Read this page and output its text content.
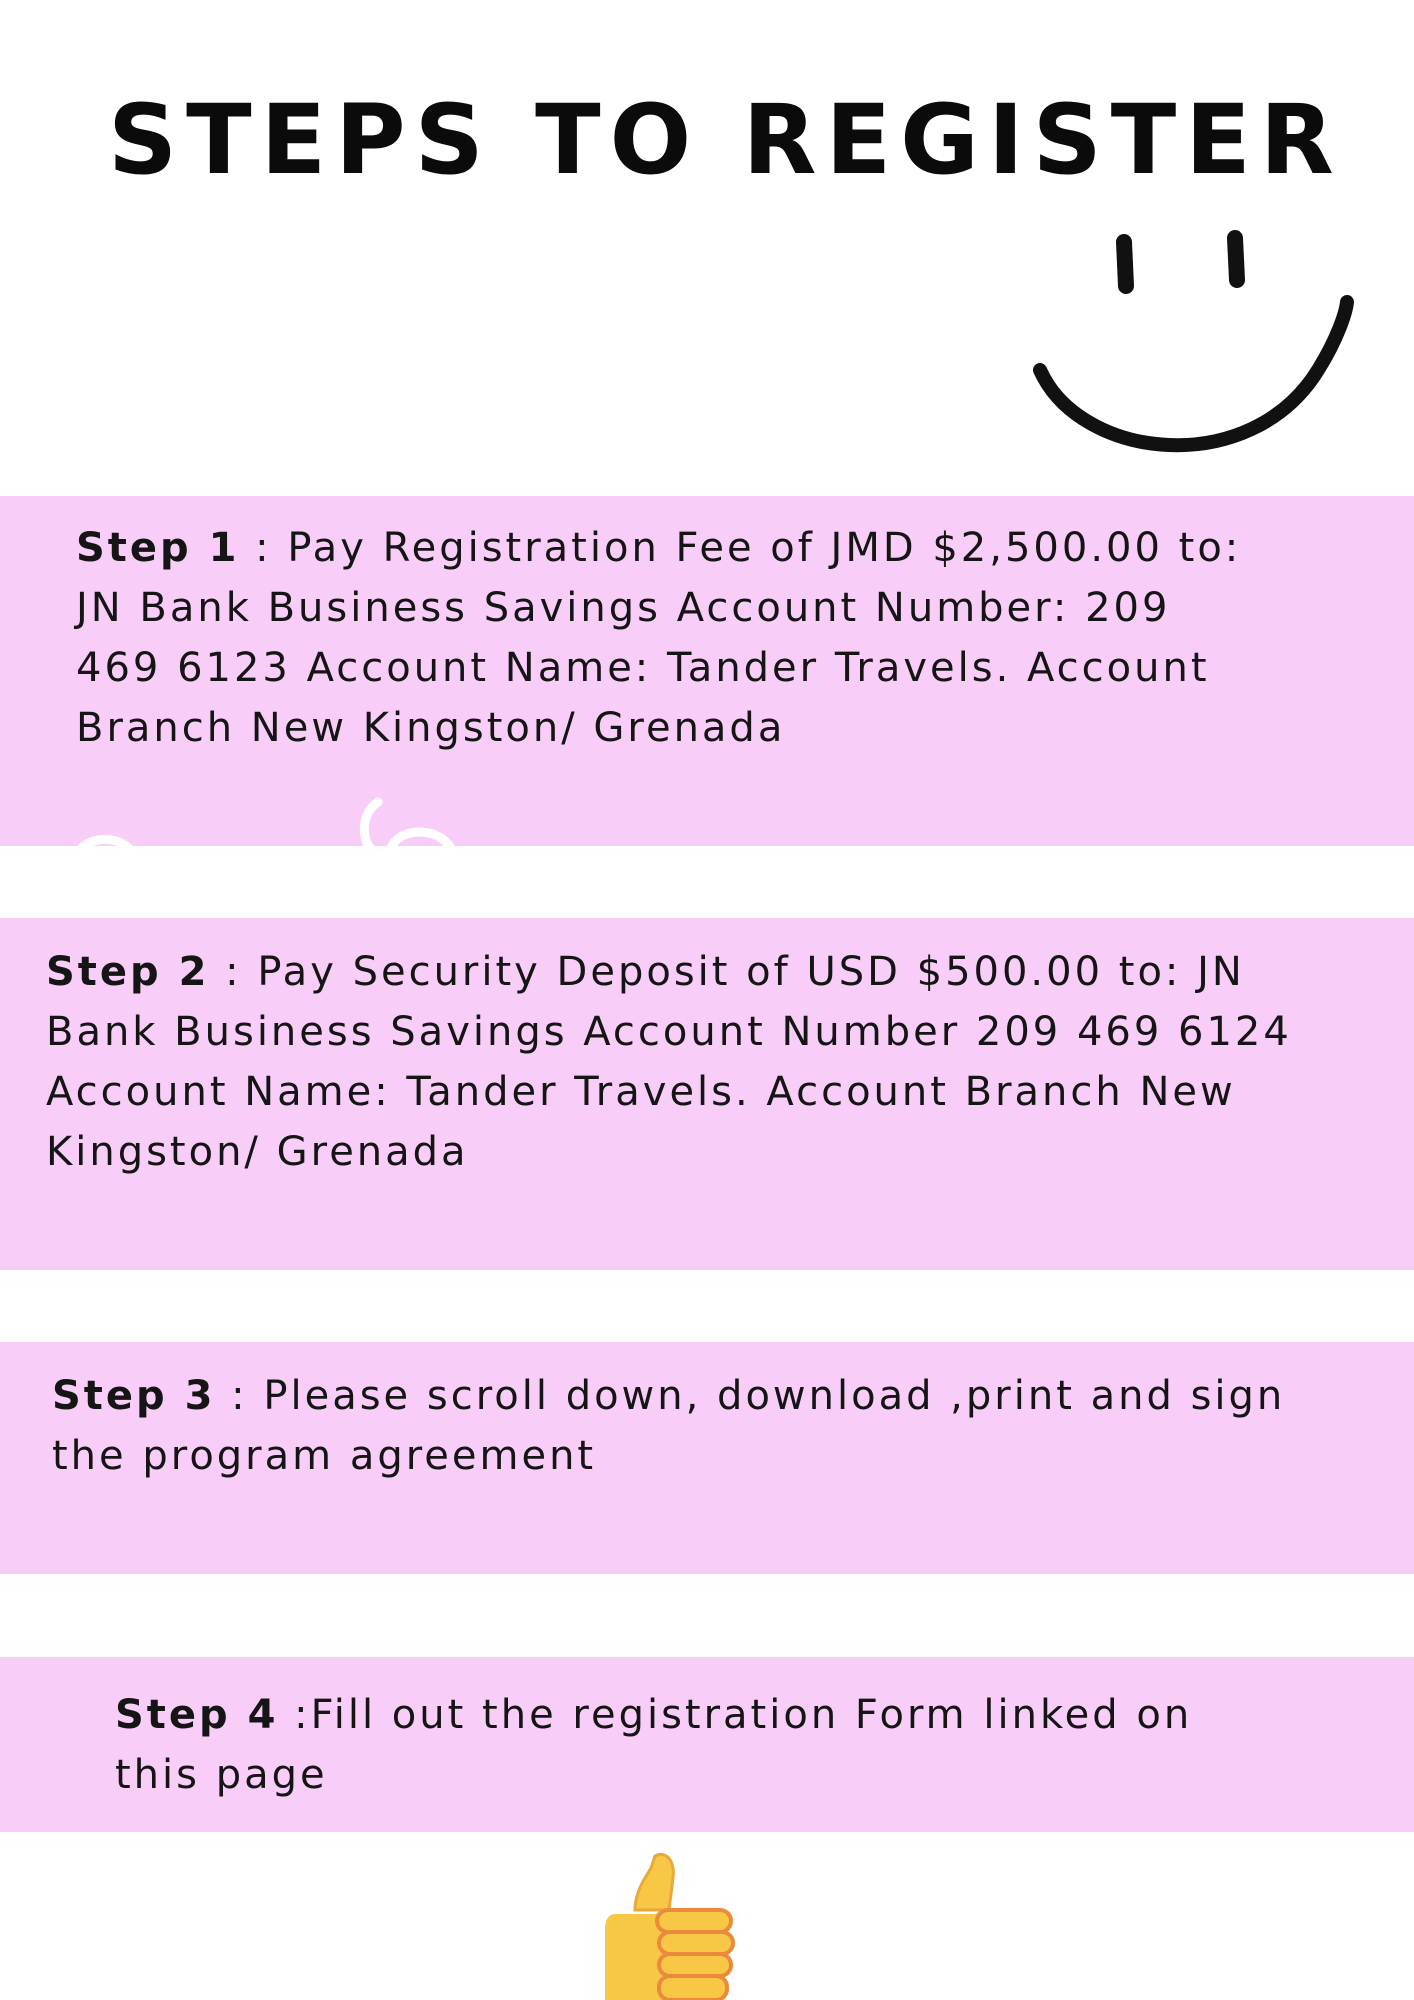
STEPS TO REGISTER

Step 1 : Pay Registration Fee of JMD $2,500.00 to: JN Bank Business Savings Account Number: 209 469 6123 Account Name: Tander Travels. Account Branch New Kingston/ Grenada

Step 2 : Pay Security Deposit of USD $500.00 to: JN Bank Business Savings Account Number 209 469 6124 Account Name: Tander Travels. Account Branch New Kingston/ Grenada

Step 3 : Please scroll down, download ,print and sign the program agreement

Step 4 :Fill out the registration Form linked on this page
